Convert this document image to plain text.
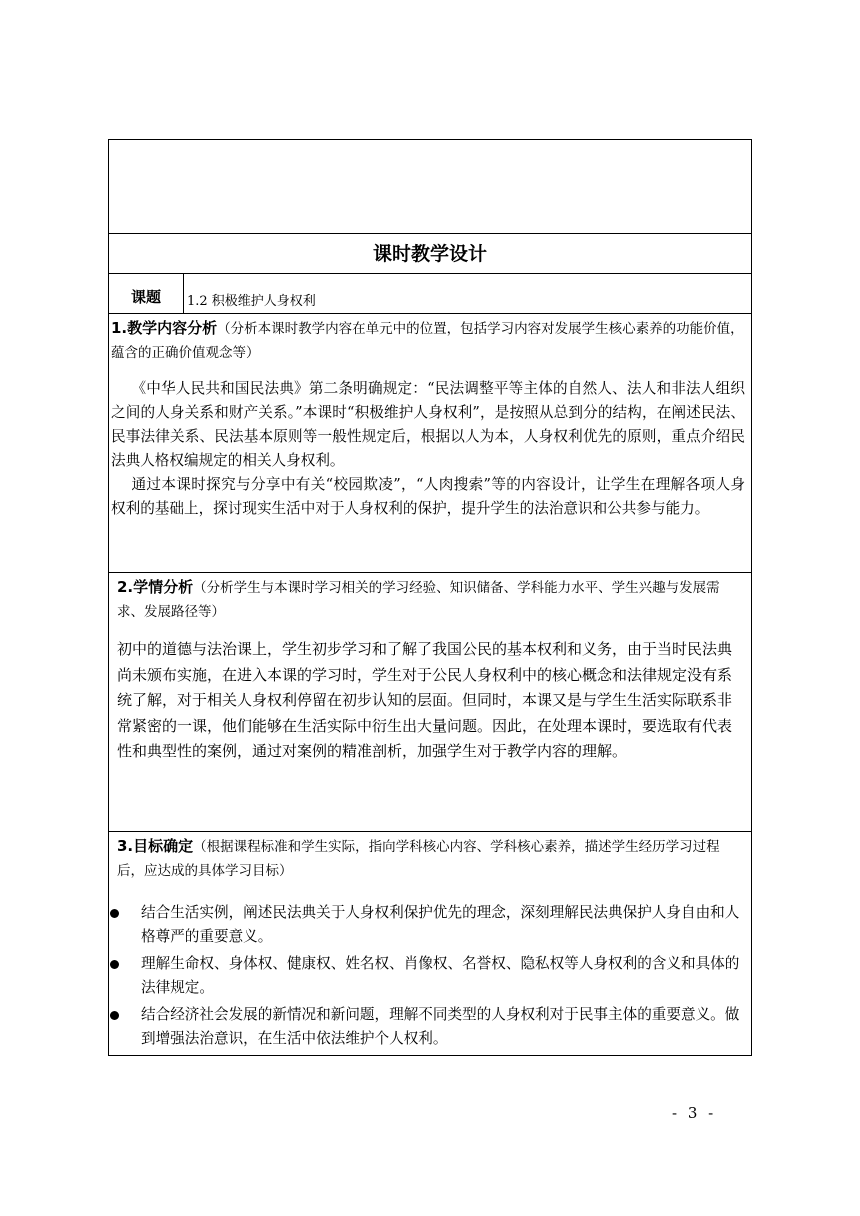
课时教学设计
课题	1.2 积极维护人身权利
1.教学内容分析（分析本课时教学内容在单元中的位置，包括学习内容对发展学生核心素养的功能价值，蕴含的正确价值观念等）

《中华人民共和国民法典》第二条明确规定：“民法调整平等主体的自然人、法人和非法人组织之间的人身关系和财产关系。”本课时“积极维护人身权利”，是按照从总到分的结构，在阐述民法、民事法律关系、民法基本原则等一般性规定后，根据以人为本，人身权利优先的原则，重点介绍民法典人格权编规定的相关人身权利。

通过本课时探究与分享中有关“校园欺凌”，“人肉搜索”等的内容设计，让学生在理解各项人身权利的基础上，探讨现实生活中对于人身权利的保护，提升学生的法治意识和公共参与能力。

2.学情分析（分析学生与本课时学习相关的学习经验、知识储备、学科能力水平、学生兴趣与发展需求、发展路径等）
初中的道德与法治课上，学生初步学习和了解了我国公民的基本权利和义务，由于当时民法典尚未颁布实施，在进入本课的学习时，学生对于公民人身权利中的核心概念和法律规定没有系统了解，对于相关人身权利停留在初步认知的层面。但同时，本课又是与学生生活实际联系非常紧密的一课，他们能够在生活实际中衍生出大量问题。因此，在处理本课时，要选取有代表性和典型性的案例，通过对案例的精准剖析，加强学生对于教学内容的理解。
3.目标确定（根据课程标准和学生实际，指向学科核心内容、学科核心素养，描述学生经历学习过程后，应达成的具体学习目标）
结合生活实例，阐述民法典关于人身权利保护优先的理念，深刻理解民法典保护人身自由和人格尊严的重要意义。
理解生命权、身体权、健康权、姓名权、肖像权、名誉权、隐私权等人身权利的含义和具体的法律规定。
结合经济社会发展的新情况和新问题，理解不同类型的人身权利对于民事主体的重要意义。做到增强法治意识，在生活中依法维护个人权利。
- 3 -
